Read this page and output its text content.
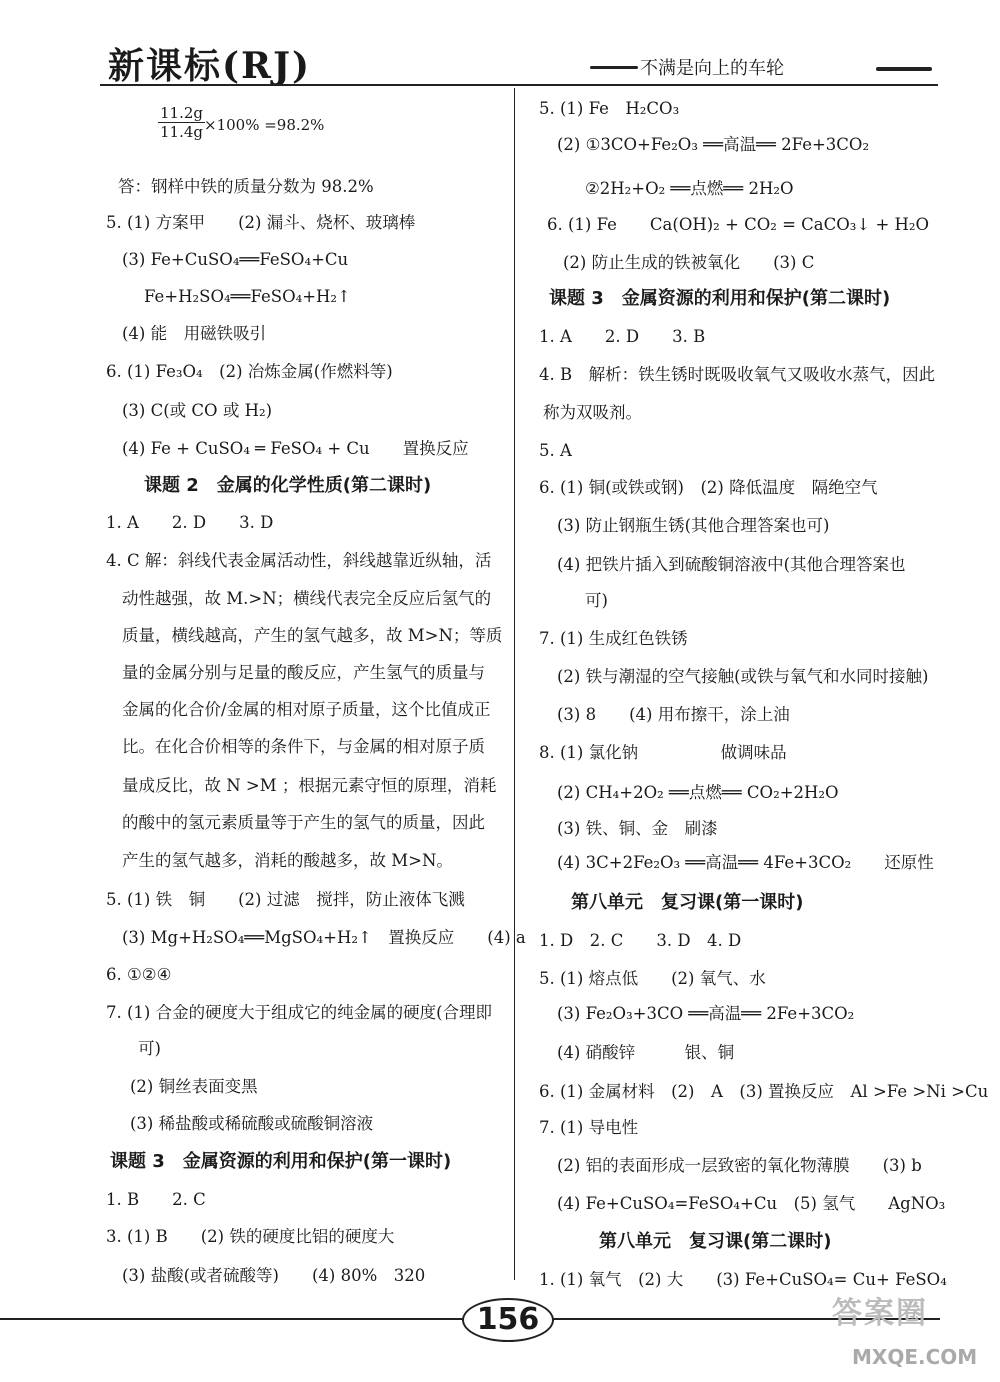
新课标(RJ)	不满是向上的车轮
$\frac{11.2g}{11.4g}$
×100% =98.2%
答：钢样中铁的质量分数为 98.2%
5. (1) 方案甲　　(2) 漏斗、烧杯、玻璃棒
(3) Fe+CuSO₄══FeSO₄+Cu
Fe+H₂SO₄══FeSO₄+H₂↑
(4) 能　用磁铁吸引
6. (1) Fe₃O₄　(2) 冶炼金属(作燃料等)
(3) C(或 CO 或 H₂)
(4) Fe + CuSO₄ ═ FeSO₄ + Cu　　置换反应
课题 2　金属的化学性质(第二课时)
1. A　　2. D　　3. D
4. C 解：斜线代表金属活动性，斜线越靠近纵轴，活
动性越强，故 M.>N；横线代表完全反应后氢气的
质量，横线越高，产生的氢气越多，故 M>N；等质
量的金属分别与足量的酸反应，产生氢气的质量与
金属的化合价/金属的相对原子质量，这个比值成正
比。在化合价相等的条件下，与金属的相对原子质
量成反比，故 N >M ；根据元素守恒的原理，消耗
的酸中的氢元素质量等于产生的氢气的质量，因此
产生的氢气越多，消耗的酸越多，故 M>N。
5. (1) 铁　铜　　(2) 过滤　搅拌，防止液体飞溅
(3) Mg+H₂SO₄══MgSO₄+H₂↑　置换反应　　(4) a
6. ①②④
7. (1) 合金的硬度大于组成它的纯金属的硬度(合理即
可)
(2) 铜丝表面变黑
(3) 稀盐酸或稀硫酸或硫酸铜溶液
课题 3　金属资源的利用和保护(第一课时)
1. B　　2. C
3. (1) B　　(2) 铁的硬度比铝的硬度大
(3) 盐酸(或者硫酸等)　　(4) 80%　320
5. (1) Fe　H₂CO₃
(2) ①3CO+Fe₂O₃ ══高温══ 2Fe+3CO₂
②2H₂+O₂ ══点燃══ 2H₂O
6. (1) Fe　　Ca(OH)₂ + CO₂ = CaCO₃↓ + H₂O
(2) 防止生成的铁被氧化　　(3) C
课题 3　金属资源的利用和保护(第二课时)
1. A　　2. D　　3. B
4. B　解析：铁生锈时既吸收氧气又吸收水蒸气，因此
称为双吸剂。
5. A
6. (1) 铜(或铁或钢)　(2) 降低温度　隔绝空气
(3) 防止钢瓶生锈(其他合理答案也可)
(4) 把铁片插入到硫酸铜溶液中(其他合理答案也
可)
7. (1) 生成红色铁锈
(2) 铁与潮湿的空气接触(或铁与氧气和水同时接触)
(3) 8　　(4) 用布擦干，涂上油
8. (1) 氯化钠　　　　　做调味品
(2) CH₄+2O₂ ══点燃══ CO₂+2H₂O
(3) 铁、铜、金　刷漆
(4) 3C+2Fe₂O₃ ══高温══ 4Fe+3CO₂　　还原性
第八单元　复习课(第一课时)
1. D　2. C　　3. D　4. D
5. (1) 熔点低　　(2) 氧气、水
(3) Fe₂O₃+3CO ══高温══ 2Fe+3CO₂
(4) 硝酸锌　　　银、铜
6. (1) 金属材料　(2)　A　(3) 置换反应　Al >Fe >Ni >Cu
7. (1) 导电性
(2) 铝的表面形成一层致密的氧化物薄膜　　(3) b
(4) Fe+CuSO₄=FeSO₄+Cu　(5) 氢气　　AgNO₃
第八单元　复习课(第二课时)
1. (1) 氧气　(2) 大　　(3) Fe+CuSO₄= Cu+ FeSO₄
156	答案圈
MXQE.COM
